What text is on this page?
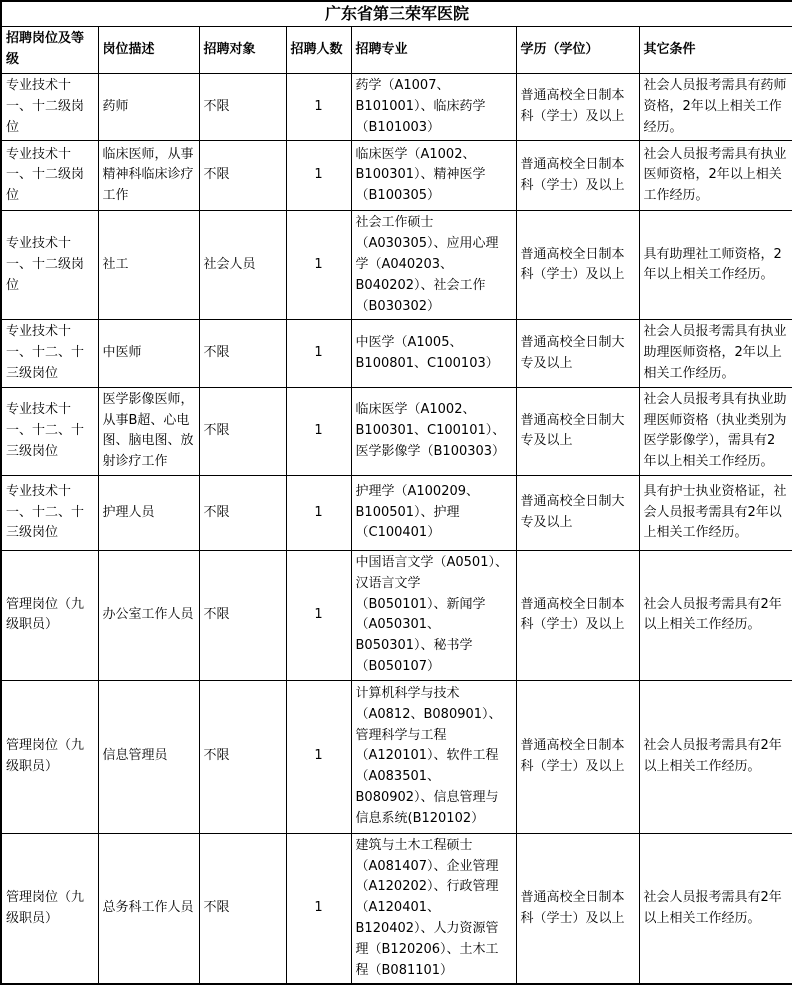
广东省第三荣军医院						
招聘岗位及等级	岗位描述	招聘对象	招聘人数	招聘专业	学历（学位）	其它条件
专业技术十一、十二级岗位	药师	不限	1	药学（A1007、B101001）、临床药学（B101003）	普通高校全日制本科（学士）及以上	社会人员报考需具有药师资格，2年以上相关工作经历。
专业技术十一、十二级岗位	临床医师，从事精神科临床诊疗工作	不限	1	临床医学（A1002、B100301）、精神医学（B100305）	普通高校全日制本科（学士）及以上	社会人员报考需具有执业医师资格，2年以上相关工作经历。
专业技术十一、十二级岗位	社工	社会人员	1	社会工作硕士（A030305）、应用心理学（A040203、B040202）、社会工作（B030302）	普通高校全日制本科（学士）及以上	具有助理社工师资格，2年以上相关工作经历。
专业技术十一、十二、十三级岗位	中医师	不限	1	中医学（A1005、B100801、C100103）	普通高校全日制大专及以上	社会人员报考需具有执业助理医师资格，2年以上相关工作经历。
专业技术十一、十二、十三级岗位	医学影像医师，从事B超、心电图、脑电图、放射诊疗工作	不限	1	临床医学（A1002、B100301、C100101）、医学影像学（B100303）	普通高校全日制大专及以上	社会人员报考具有执业助理医师资格（执业类别为医学影像学），需具有2年以上相关工作经历。
专业技术十一、十二、十三级岗位	护理人员	不限	1	护理学（A100209、B100501）、护理（C100401）	普通高校全日制大专及以上	具有护士执业资格证，社会人员报考需具有2年以上相关工作经历。
管理岗位（九级职员）	办公室工作人员	不限	1	中国语言文学（A0501）、汉语言文学（B050101）、新闻学（A050301、B050301）、秘书学（B050107）	普通高校全日制本科（学士）及以上	社会人员报考需具有2年以上相关工作经历。
管理岗位（九级职员）	信息管理员	不限	1	计算机科学与技术（A0812、B080901）、管理科学与工程（A120101）、软件工程（A083501、B080902）、信息管理与信息系统(B120102）	普通高校全日制本科（学士）及以上	社会人员报考需具有2年以上相关工作经历。
管理岗位（九级职员）	总务科工作人员	不限	1	建筑与土木工程硕士（A081407）、企业管理（A120202）、行政管理（A120401、B120402）、人力资源管理（B120206）、土木工程（B081101）	普通高校全日制本科（学士）及以上	社会人员报考需具有2年以上相关工作经历。
